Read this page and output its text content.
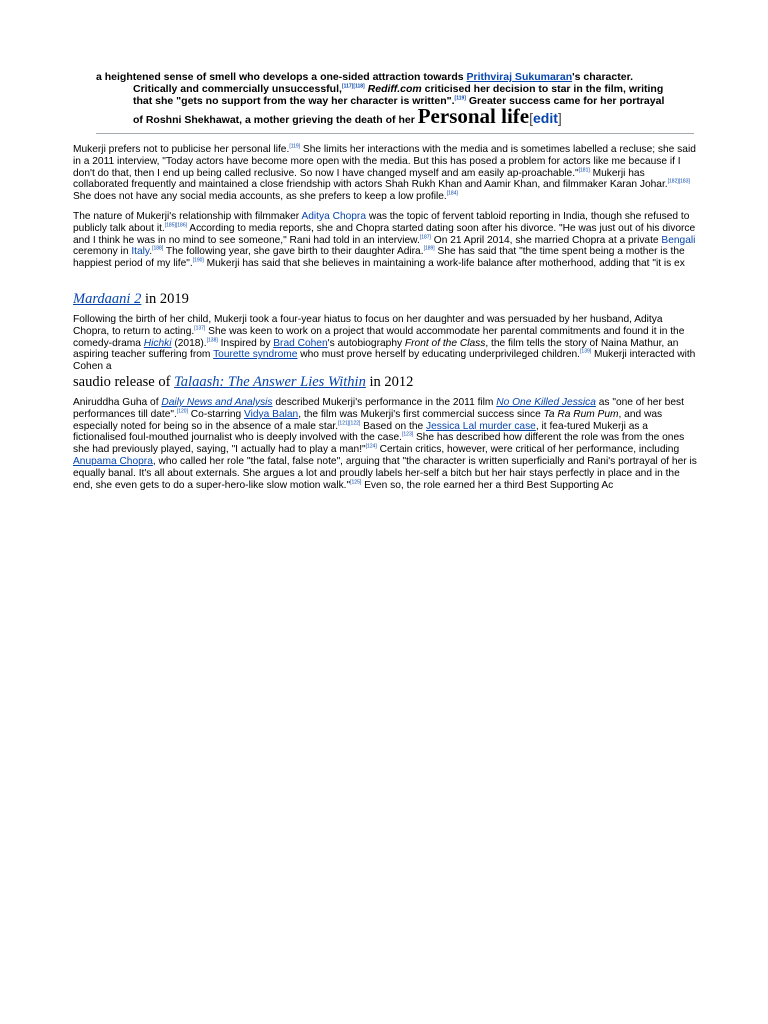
a heightened sense of smell who develops a one-sided attraction towards Prithviraj Sukumaran's character.
Critically and commercially unsuccessful,[117][118] Rediff.com criticised her decision to star in the film, writing
that she "gets no support from the way her character is written".[119] Greater success came for her portrayal
of Roshni Shekhawat, a mother grieving the death of her Personal life[edit]
Mukerji prefers not to publicise her personal life.[119] She limits her interactions with the media and is sometimes labelled a recluse; she said in a 2011 interview, "Today actors have become more open with the media. But this has posed a problem for actors like me because if I don't do that, then I end up being called reclusive. So now I have changed myself and am easily ap-proachable."[181] Mukerji has collaborated frequently and maintained a close friendship with actors Shah Rukh Khan and Aamir Khan, and filmmaker Karan Johar.[182][183] She does not have any social media accounts, as she prefers to keep a low profile.[184]
The nature of Mukerji's relationship with filmmaker Aditya Chopra was the topic of fervent tabloid reporting in India, though she refused to publicly talk about it.[185][186] According to media reports, she and Chopra started dating soon after his divorce. "He was just out of his divorce and I think he was in no mind to see someone," Rani had told in an interview.[187] On 21 April 2014, she married Chopra at a private Bengali ceremony in Italy.[188] The following year, she gave birth to their daughter Adira.[189] She has said that "the time spent being a mother is the happiest period of my life".[190] Mukerji has said that she believes in maintaining a work-life balance after motherhood, adding that "it is ex
Mardaani 2 in 2019
Following the birth of her child, Mukerji took a four-year hiatus to focus on her daughter and was persuaded by her husband, Aditya Chopra, to return to acting.[137] She was keen to work on a project that would accommodate her parental commitments and found it in the comedy-drama Hichki (2018).[138] Inspired by Brad Cohen's autobiography Front of the Class, the film tells the story of Naina Mathur, an aspiring teacher suffering from Tourette syndrome who must prove herself by educating underprivileged children.[139] Mukerji interacted with Cohen a
saudio release of Talaash: The Answer Lies Within in 2012
Aniruddha Guha of Daily News and Analysis described Mukerji's performance in the 2011 film No One Killed Jessica as "one of her best performances till date".[120] Co-starring Vidya Balan, the film was Mukerji's first commercial success since Ta Ra Rum Pum, and was especially noted for being so in the absence of a male star.[121][122] Based on the Jessica Lal murder case, it fea-tured Mukerji as a fictionalised foul-mouthed journalist who is deeply involved with the case.[123] She has described how different the role was from the ones she had previously played, saying, "I actually had to play a man!"[124] Certain critics, however, were critical of her performance, including Anupama Chopra, who called her role "the fatal, false note", arguing that "the character is written superficially and Rani's portrayal of her is equally banal. It's all about externals. She argues a lot and proudly labels her-self a bitch but her hair stays perfectly in place and in the end, she even gets to do a super-hero-like slow motion walk."[125] Even so, the role earned her a third Best Supporting Ac
